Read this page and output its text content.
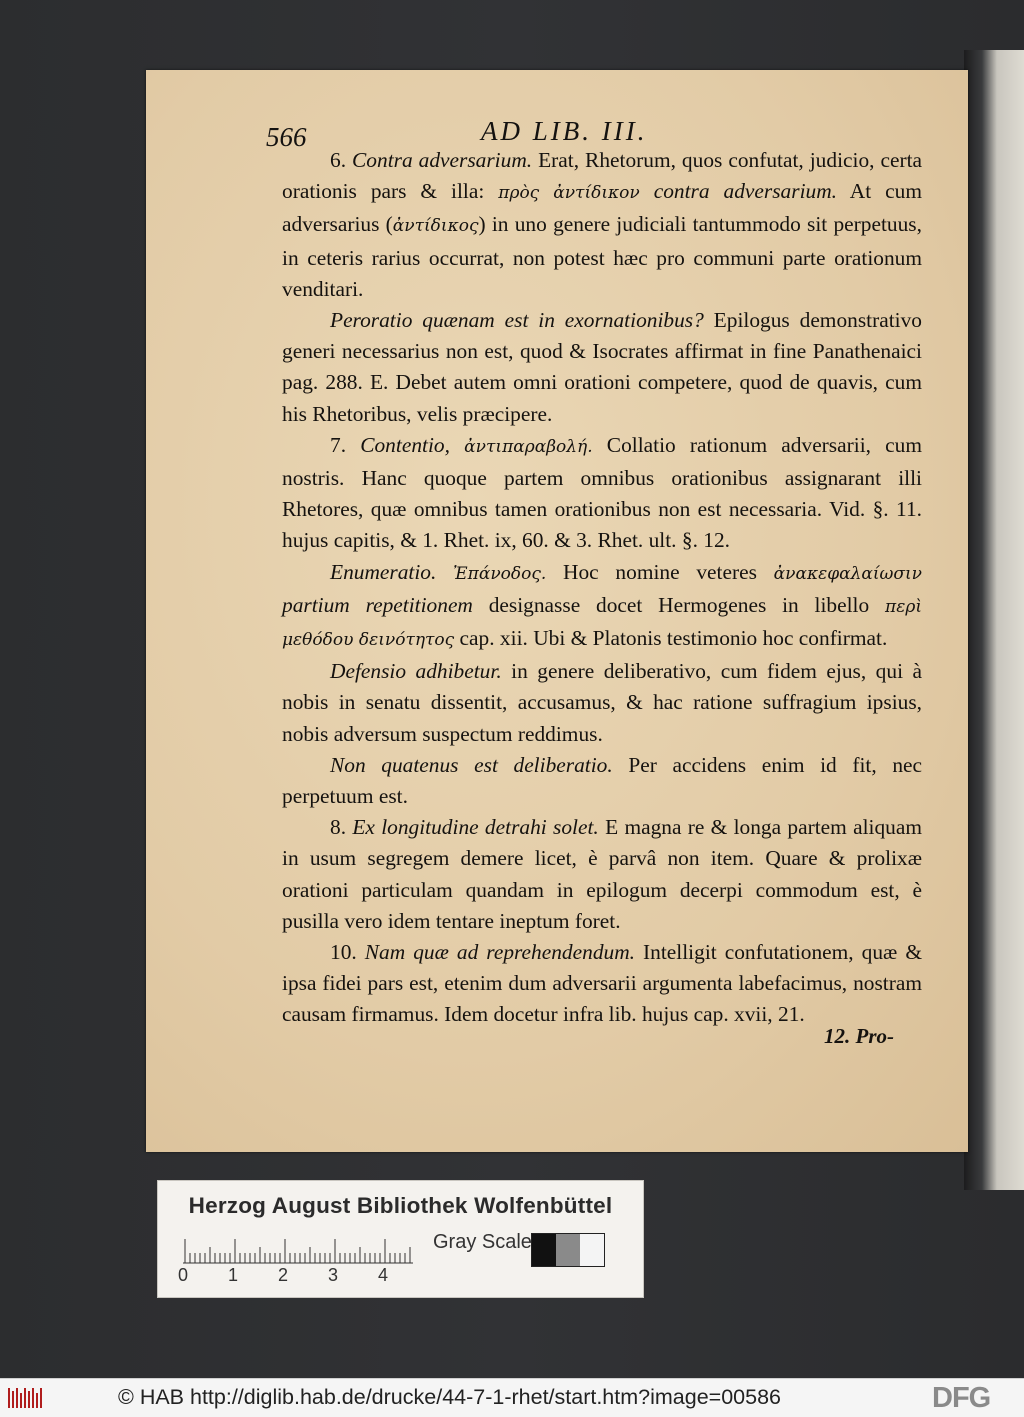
566	AD LIB. III.

6. Contra adversarium. Erat, Rhetorum, quos confutat, judicio, certa orationis pars & illa: πρὸς ἀντίδικον contra adversarium. At cum adversarius (ἀντίδικος) in uno genere judiciali tantummodo sit perpetuus, in ceteris rarius occurrat, non potest hæc pro communi parte orationum venditari.

Peroratio quænam est in exornationibus? Epilogus demonstrativo generi necessarius non est, quod & Isocrates affirmat in fine Panathenaici pag. 288. E. Debet autem omni orationi competere, quod de quavis, cum his Rhetoribus, velis præcipere.

7. Contentio, ἀντιπαραβολή. Collatio rationum adversarii, cum nostris. Hanc quoque partem omnibus orationibus assignarant illi Rhetores, quæ omnibus tamen orationibus non est necessaria. Vid. §. 11. hujus capitis, & 1. Rhet. ix, 60. & 3. Rhet. ult. §. 12.

Enumeratio. Ἐπάνοδος. Hoc nomine veteres ἀνακεφαλαίωσιν partium repetitionem designasse docet Hermogenes in libello περὶ μεθόδου δεινότητος cap. xii. Ubi & Platonis testimonio hoc confirmat.

Defensio adhibetur. in genere deliberativo, cum fidem ejus, qui à nobis in senatu dissentit, accusamus, & hac ratione suffragium ipsius, nobis adversum suspectum reddimus.

Non quatenus est deliberatio. Per accidens enim id fit, nec perpetuum est.

8. Ex longitudine detrahi solet. E magna re & longa partem aliquam in usum segregem demere licet, è parvâ non item. Quare & prolixæ orationi particulam quandam in epilogum decerpi commodum est, è pusilla vero idem tentare ineptum foret.

10. Nam quæ ad reprehendendum. Intelligit confutationem, quæ & ipsa fidei pars est, etenim dum adversarii argumenta labefacimus, nostram causam firmamus. Idem docetur infra lib. hujus cap. xvii, 21.

12. Pro-
Herzog August Bibliothek Wolfenbüttel
0 1 2 3 4
Gray Scale
© HAB http://diglib.hab.de/drucke/44-7-1-rhet/start.htm?image=00586	DFG
